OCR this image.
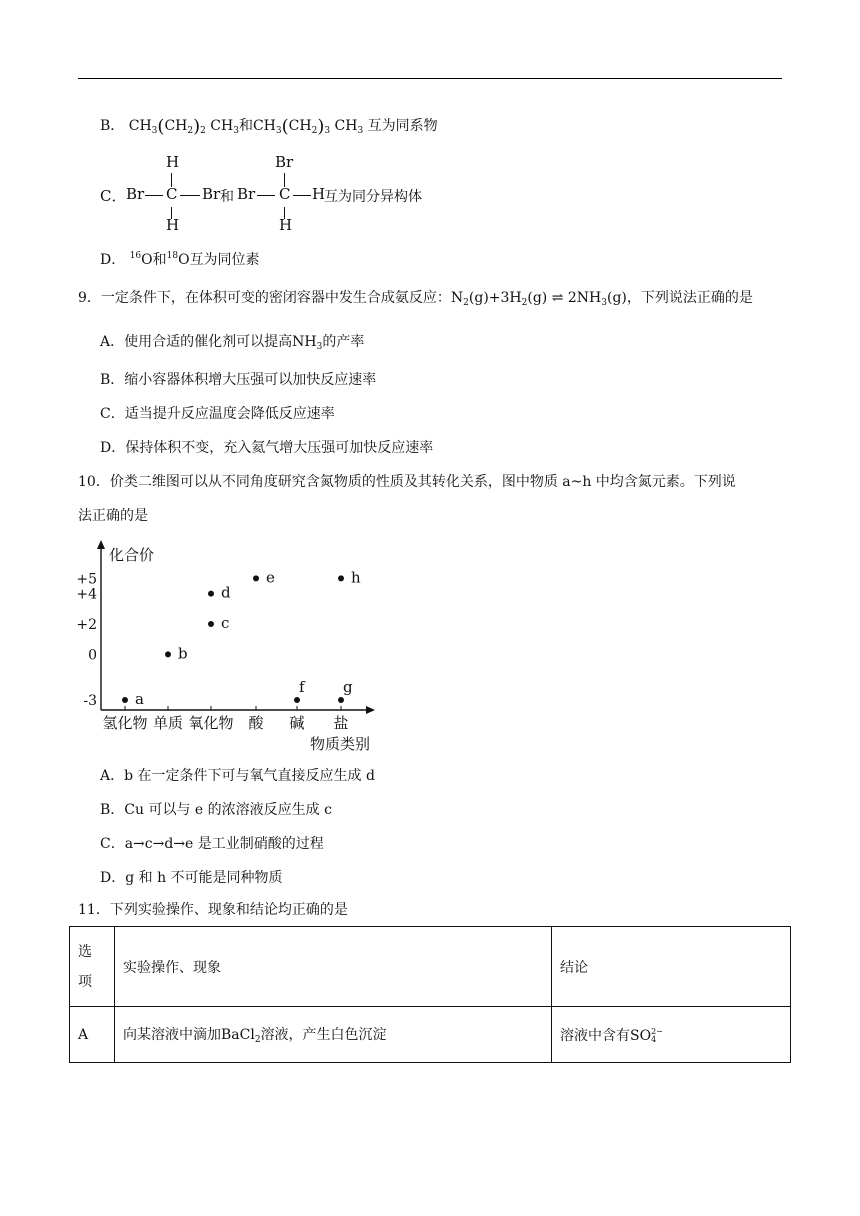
B． $CH_3(CH_2)_2$ $CH_3$和$CH_3(CH_2)_3$ $CH_3$ 互为同系物
C．
H
Br C Br
H
和
Br
Br C H
H
互为同分异构体
D． $^{16}$O和$^{18}$O互为同位素
9．一定条件下，在体积可变的密闭容器中发生合成氨反应：$N_2(g)+3H_2(g)$ ⇌ $2NH_3(g)$，下列说法正确的是
A．使用合适的催化剂可以提高$NH_3$的产率
B．缩小容器体积增大压强可以加快反应速率
C．适当提升反应温度会降低反应速率
D．保持体积不变，充入氦气增大压强可加快反应速率
10．价类二维图可以从不同角度研究含氮物质的性质及其转化关系，图中物质 a~h 中均含氮元素。下列说
法正确的是
化合价
+5
+4
+2
0
-3
氢化物 单质 氧化物 酸 碱 盐
物质类别
a
b
c
d
e
f	g
h
A．b 在一定条件下可与氧气直接反应生成 d
B．Cu 可以与 e 的浓溶液反应生成 c
C．a→c→d→e 是工业制硝酸的过程
D．g 和 h 不可能是同种物质
11．下列实验操作、现象和结论均正确的是
选
项	实验操作、现象	结论
A	向某溶液中滴加BaCl$_2$溶液，产生白色沉淀	溶液中含有SO 2−
4
